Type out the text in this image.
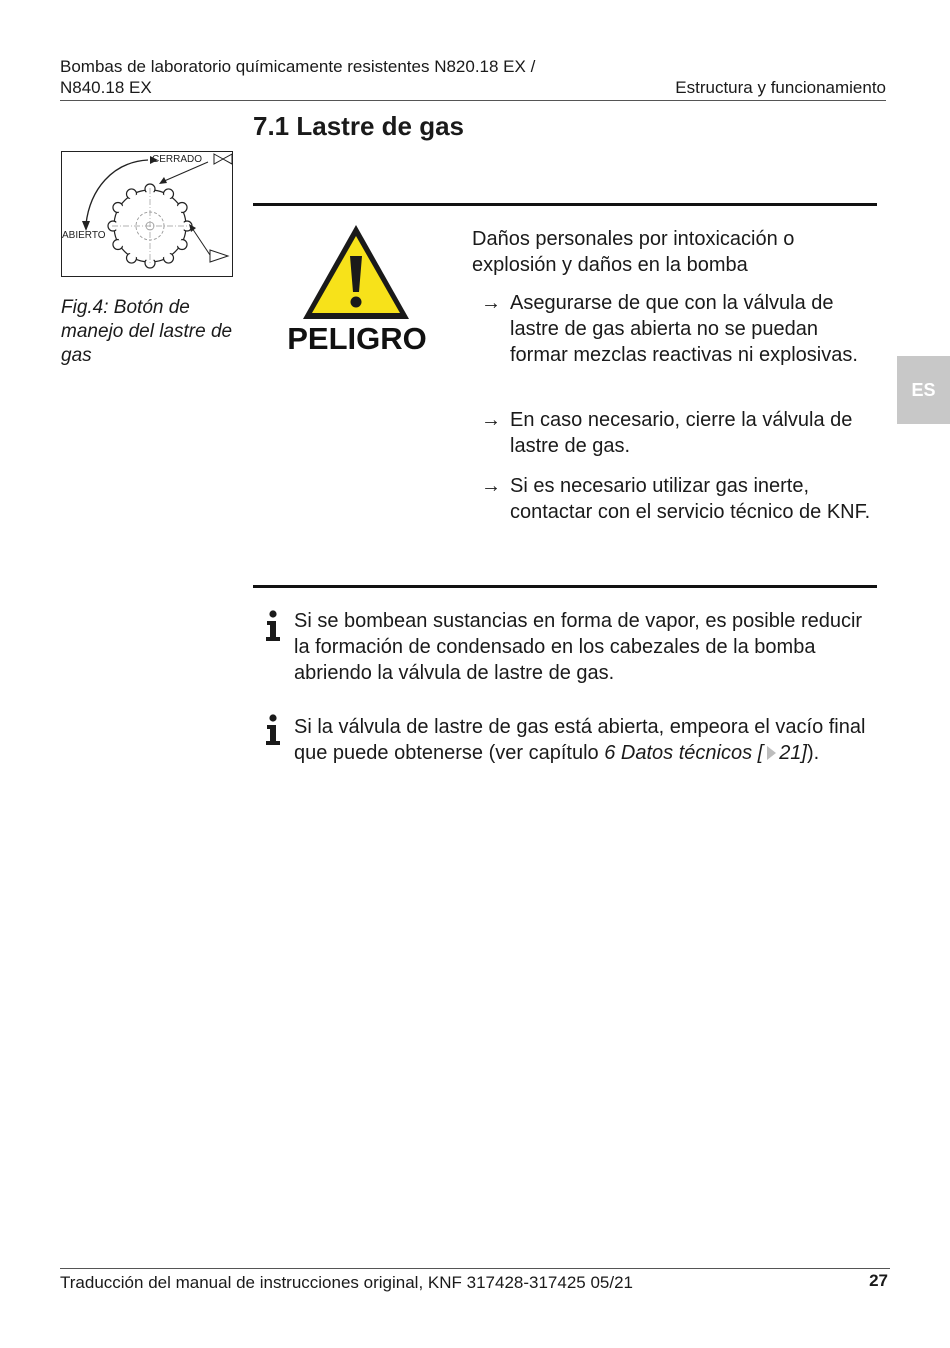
Bombas de laboratorio químicamente resistentes N820.18 EX /
N840.18 EX	Estructura y funcionamiento
7.1 Lastre de gas
CERRADO
ABIERTO
Fig.4: Botón de manejo del lastre de gas
ES
PELIGRO
Daños personales por intoxicación o explosión y daños en la bomba
→ Asegurarse de que con la válvula de lastre de gas abierta no se puedan formar mezclas reactivas ni explosivas.
→ En caso necesario, cierre la válvula de lastre de gas.
→ Si es necesario utilizar gas inerte, contactar con el servicio técnico de KNF.
Si se bombean sustancias en forma de vapor, es posible reducir la formación de condensado en los cabezales de la bomba abriendo la válvula de lastre de gas.
Si la válvula de lastre de gas está abierta, empeora el vacío final que puede obtenerse (ver capítulo 6 Datos técnicos [ 21]).
Traducción del manual de instrucciones original, KNF 317428-317425 05/21	27
